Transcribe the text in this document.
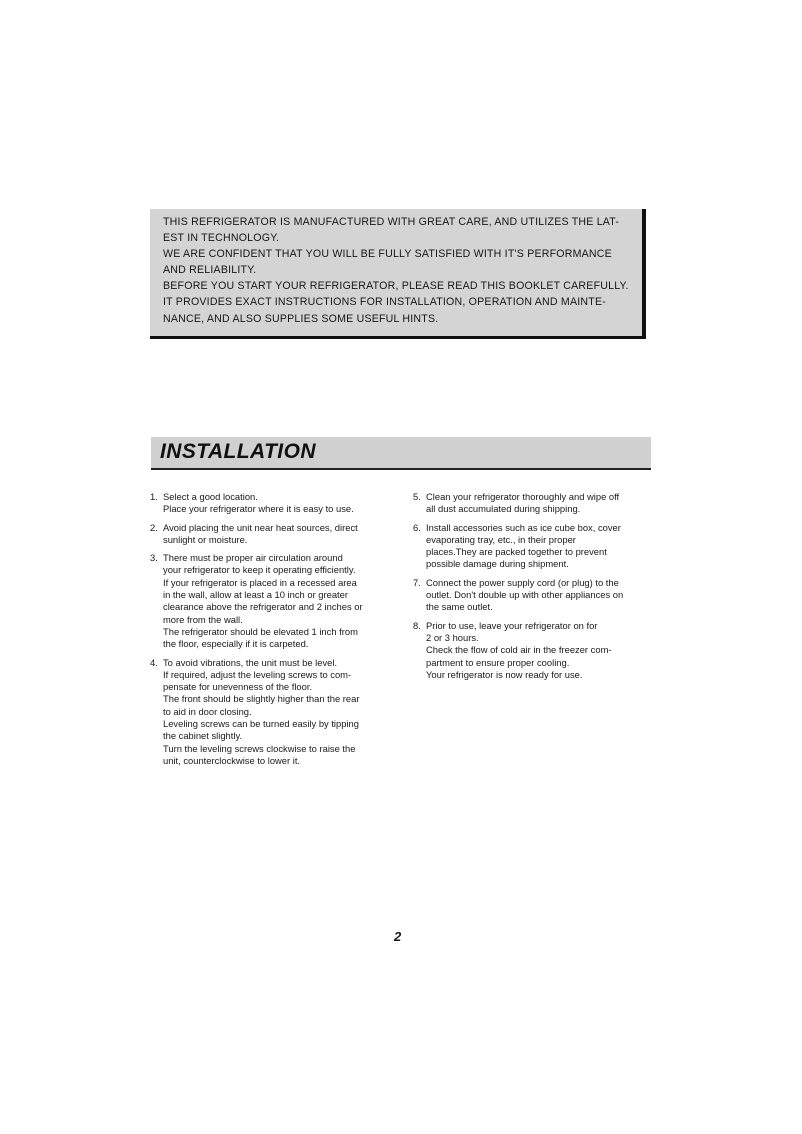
THIS REFRIGERATOR IS MANUFACTURED WITH GREAT CARE, AND UTILIZES THE LAT-

EST IN TECHNOLOGY.

WE ARE CONFIDENT THAT YOU WILL BE FULLY SATISFIED WITH IT'S PERFORMANCE

AND RELIABILITY.

BEFORE YOU START YOUR REFRIGERATOR, PLEASE READ THIS BOOKLET CAREFULLY.

IT PROVIDES EXACT INSTRUCTIONS FOR INSTALLATION, OPERATION AND MAINTE-

NANCE, AND ALSO SUPPLIES SOME USEFUL HINTS.

INSTALLATION
1. Select a good location.
Place your refrigerator where it is easy to use.
2. Avoid placing the unit near heat sources, direct
sunlight or moisture.
3. There must be proper air circulation around
your refrigerator to keep it operating efficiently.
If your refrigerator is placed in a recessed area
in the wall, allow at least a 10 inch or greater
clearance above the refrigerator and 2 inches or
more from the wall.
The refrigerator should be elevated 1 inch from
the floor, especially if it is carpeted.
4. To avoid vibrations, the unit must be level.
If required, adjust the leveling screws to com-
pensate for unevenness of the floor.
The front should be slightly higher than the rear
to aid in door closing.
Leveling screws can be turned easily by tipping
the cabinet slightly.
Turn the leveling screws clockwise to raise the
unit, counterclockwise to lower it.
5. Clean your refrigerator thoroughly and wipe off
all dust accumulated during shipping.
6. Install accessories such as ice cube box, cover
evaporating tray, etc., in their proper
places.They are packed together to prevent
possible damage during shipment.
7. Connect the power supply cord (or plug) to the
outlet. Don't double up with other appliances on
the same outlet.
8. Prior to use, leave your refrigerator on for
2 or 3 hours.
Check the flow of cold air in the freezer com-
partment to ensure proper cooling.
Your refrigerator is now ready for use.
2
